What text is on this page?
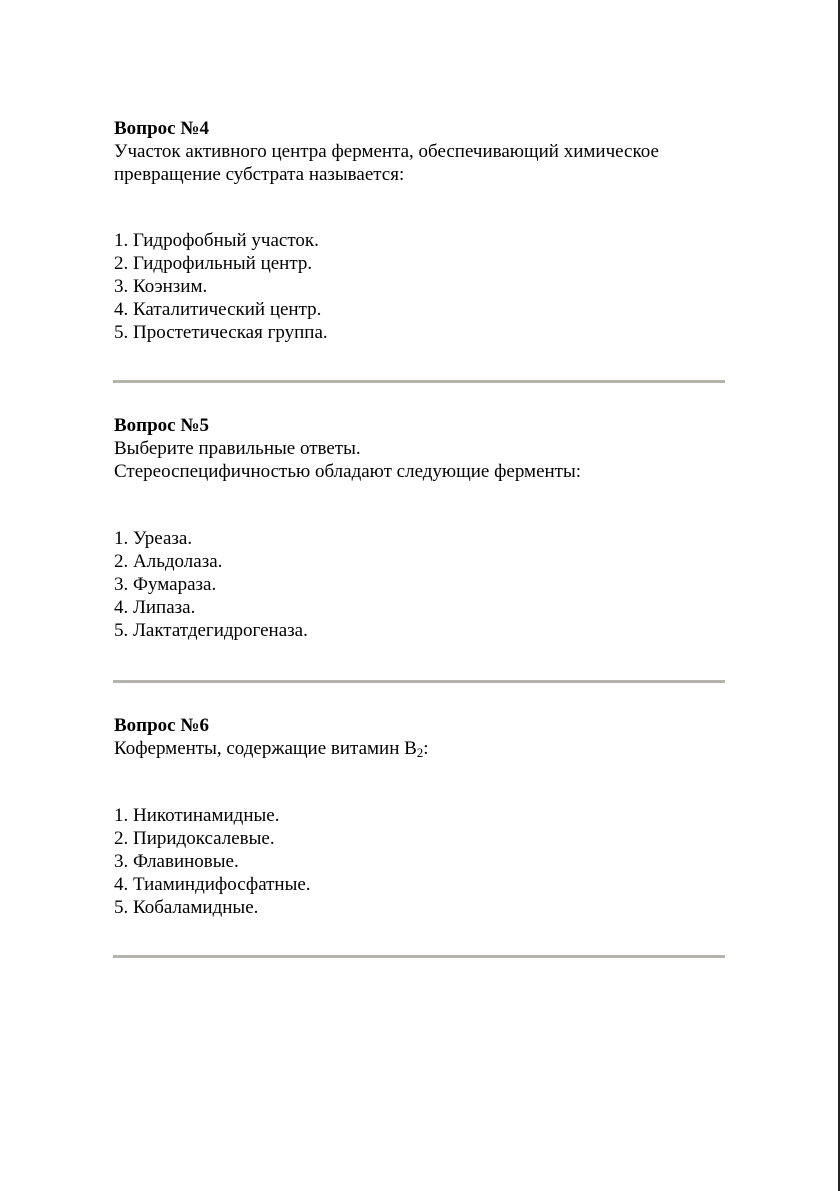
Вопрос №4

Участок активного центра фермента, обеспечивающий химическое

превращение субстрата называется:

1. Гидрофобный участок.
2. Гидрофильный центр.
3. Коэнзим.
4. Каталитический центр.
5. Простетическая группа.

Вопрос №5

Выберите правильные ответы.

Стереоспецифичностью обладают следующие ферменты:

1. Уреаза.
2. Альдолаза.
3. Фумараза.
4. Липаза.
5. Лактатдегидрогеназа.

Вопрос №6

Коферменты, содержащие витамин $B_2$:

1. Никотинамидные.
2. Пиридоксалевые.
3. Флавиновые.
4. Тиаминдифосфатные.
5. Кобаламидные.
